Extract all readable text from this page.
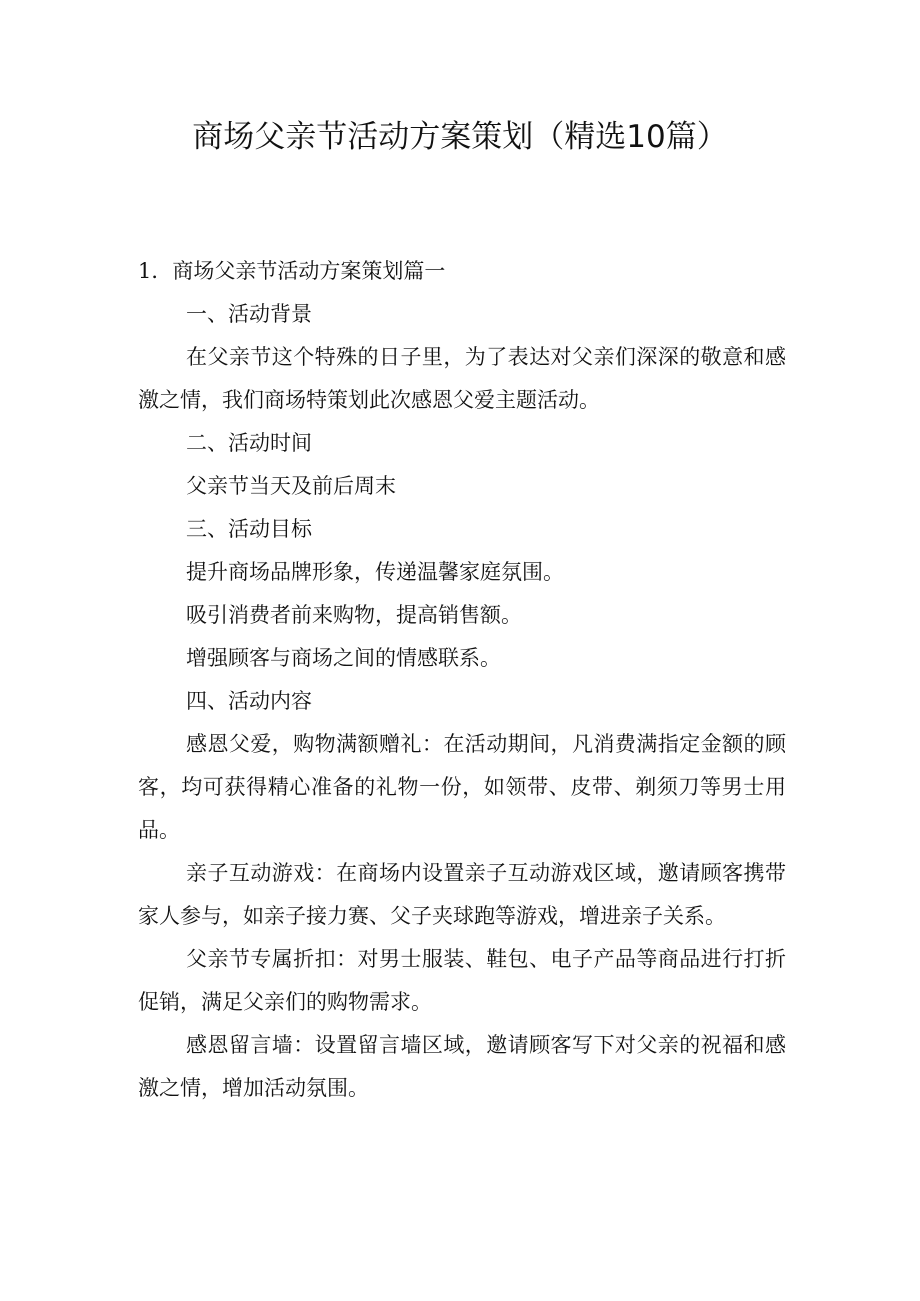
商场父亲节活动方案策划（精选10篇）

1．商场父亲节活动方案策划篇一

一、活动背景

在父亲节这个特殊的日子里，为了表达对父亲们深深的敬意和感激之情，我们商场特策划此次感恩父爱主题活动。

二、活动时间

父亲节当天及前后周末

三、活动目标

提升商场品牌形象，传递温馨家庭氛围。

吸引消费者前来购物，提高销售额。

增强顾客与商场之间的情感联系。

四、活动内容

感恩父爱，购物满额赠礼：在活动期间，凡消费满指定金额的顾客，均可获得精心准备的礼物一份，如领带、皮带、剃须刀等男士用品。

亲子互动游戏：在商场内设置亲子互动游戏区域，邀请顾客携带家人参与，如亲子接力赛、父子夹球跑等游戏，增进亲子关系。

父亲节专属折扣：对男士服装、鞋包、电子产品等商品进行打折促销，满足父亲们的购物需求。

感恩留言墙：设置留言墙区域，邀请顾客写下对父亲的祝福和感激之情，增加活动氛围。
